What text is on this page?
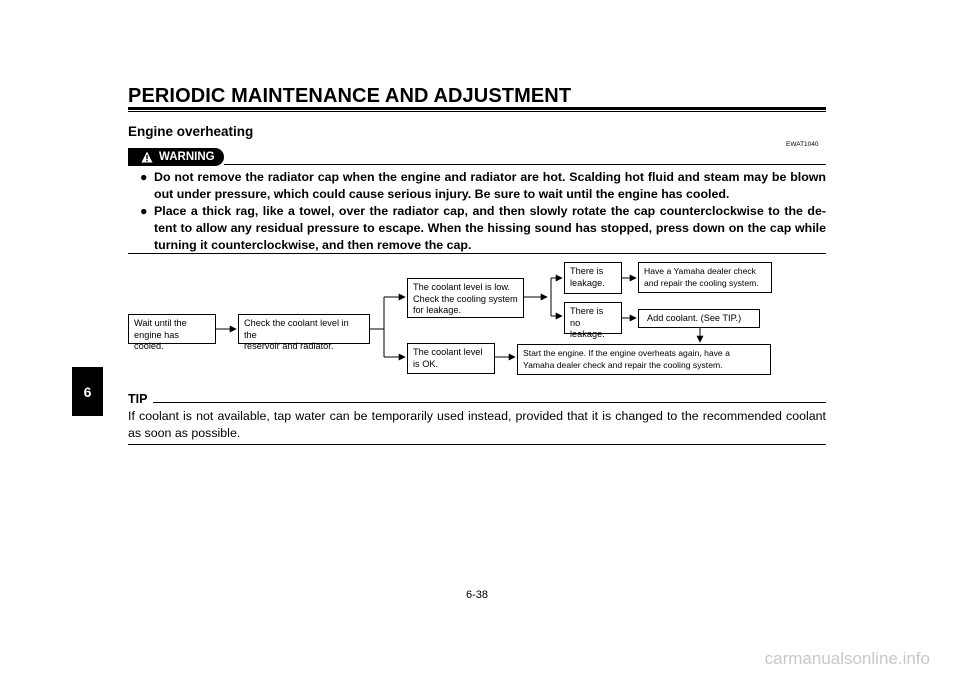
PERIODIC MAINTENANCE AND ADJUSTMENT
Engine overheating
EWAT1040
WARNING
● Do not remove the radiator cap when the engine and radiator are hot. Scalding hot fluid and steam may be blown out under pressure, which could cause serious injury. Be sure to wait until the engine has cooled.
● Place a thick rag, like a towel, over the radiator cap, and then slowly rotate the cap counterclockwise to the de-tent to allow any residual pressure to escape. When the hissing sound has stopped, press down on the cap while turning it counterclockwise, and then remove the cap.
Wait until the
engine has cooled.
Check the coolant level in the
reservoir and radiator.
The coolant level is low.
Check the cooling system
for leakage.
The coolant level
is OK.
There is
leakage.
There is
no leakage.
Have a Yamaha dealer check
and repair the cooling system.
Add coolant. (See TIP.)
Start the engine. If the engine overheats again, have a
Yamaha dealer check and repair the cooling system.
TIP
If coolant is not available, tap water can be temporarily used instead, provided that it is changed to the recommended coolant as soon as possible.
6
6-38
carmanualsonline.info
